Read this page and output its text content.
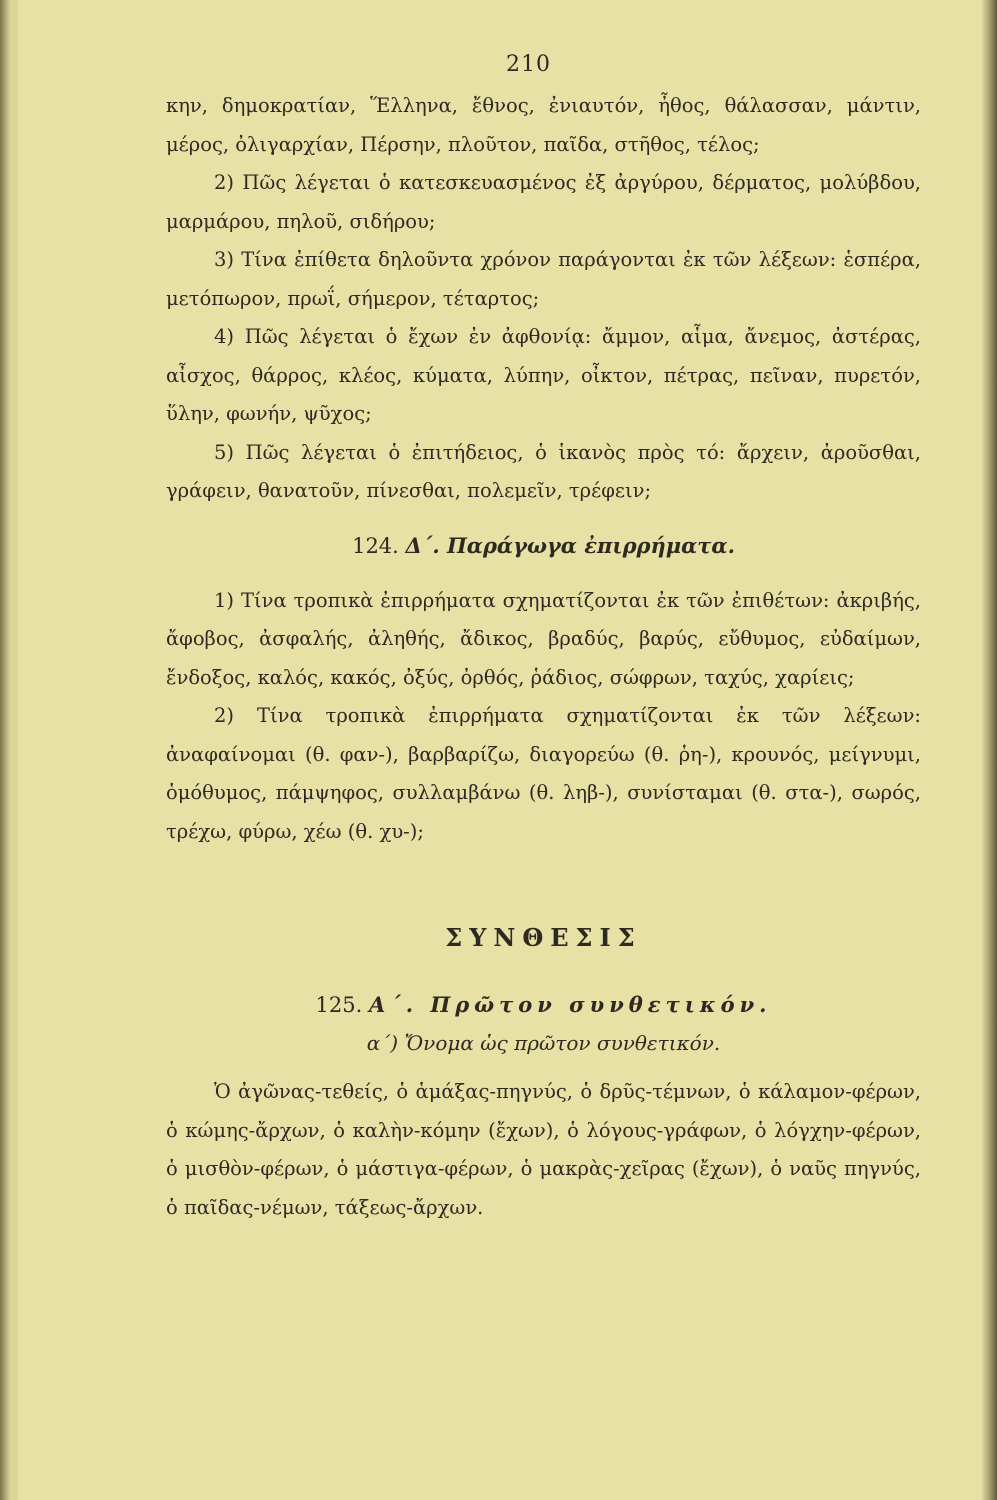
210

κην, δημοκρατίαν, Ἕλληνα, ἔθνος, ἐνιαυτόν, ἦθος, θάλασσαν, μάντιν, μέρος, ὀλιγαρχίαν, Πέρσην, πλοῦτον, παῖδα, στῆθος, τέλος;

2) Πῶς λέγεται ὁ κατεσκευασμένος ἐξ ἀργύρου, δέρματος, μολύβδου, μαρμάρου, πηλοῦ, σιδήρου;

3) Τίνα ἐπίθετα δηλοῦντα χρόνον παράγονται ἐκ τῶν λέξεων: ἑσπέρα, μετόπωρον, πρωΐ, σήμερον, τέταρτος;

4) Πῶς λέγεται ὁ ἔχων ἐν ἀφθονίᾳ: ἄμμον, αἷμα, ἄνεμος, ἀστέρας, αἶσχος, θάρρος, κλέος, κύματα, λύπην, οἶκτον, πέτρας, πεῖναν, πυρετόν, ὕλην, φωνήν, ψῦχος;

5) Πῶς λέγεται ὁ ἐπιτήδειος, ὁ ἱκανὸς πρὸς τό: ἄρχειν, ἀροῦσθαι, γράφειν, θανατοῦν, πίνεσθαι, πολεμεῖν, τρέφειν;

124. Δ΄. Παράγωγα ἐπιρρήματα.

1) Τίνα τροπικὰ ἐπιρρήματα σχηματίζονται ἐκ τῶν ἐπιθέτων: ἀκριβής, ἄφοβος, ἀσφαλής, ἀληθής, ἄδικος, βραδύς, βαρύς, εὔθυμος, εὐδαίμων, ἔνδοξος, καλός, κακός, ὀξύς, ὀρθός, ῥάδιος, σώφρων, ταχύς, χαρίεις;

2) Τίνα τροπικὰ ἐπιρρήματα σχηματίζονται ἐκ τῶν λέξεων: ἀναφαίνομαι (θ. φαν-), βαρβαρίζω, διαγορεύω (θ. ῥη-), κρουνός, μείγνυμι, ὁμόθυμος, πάμψηφος, συλλαμβάνω (θ. ληβ-), συνίσταμαι (θ. στα-), σωρός, τρέχω, φύρω, χέω (θ. χυ-);

ΣΥΝΘΕΣΙΣ
125. Α΄. Πρῶτον συνθετικόν.
α΄) Ὄνομα ὡς πρῶτον συνθετικόν.

Ὁ ἀγῶνας-τεθείς, ὁ ἁμάξας-πηγνύς, ὁ δρῦς-τέμνων, ὁ κάλαμον-φέρων, ὁ κώμης-ἄρχων, ὁ καλὴν-κόμην (ἔχων), ὁ λόγους-γράφων, ὁ λόγχην-φέρων, ὁ μισθὸν-φέρων, ὁ μάστιγα-φέρων, ὁ μακρὰς-χεῖρας (ἔχων), ὁ ναῦς πηγνύς, ὁ παῖδας-νέμων, τάξεως-ἄρχων.
